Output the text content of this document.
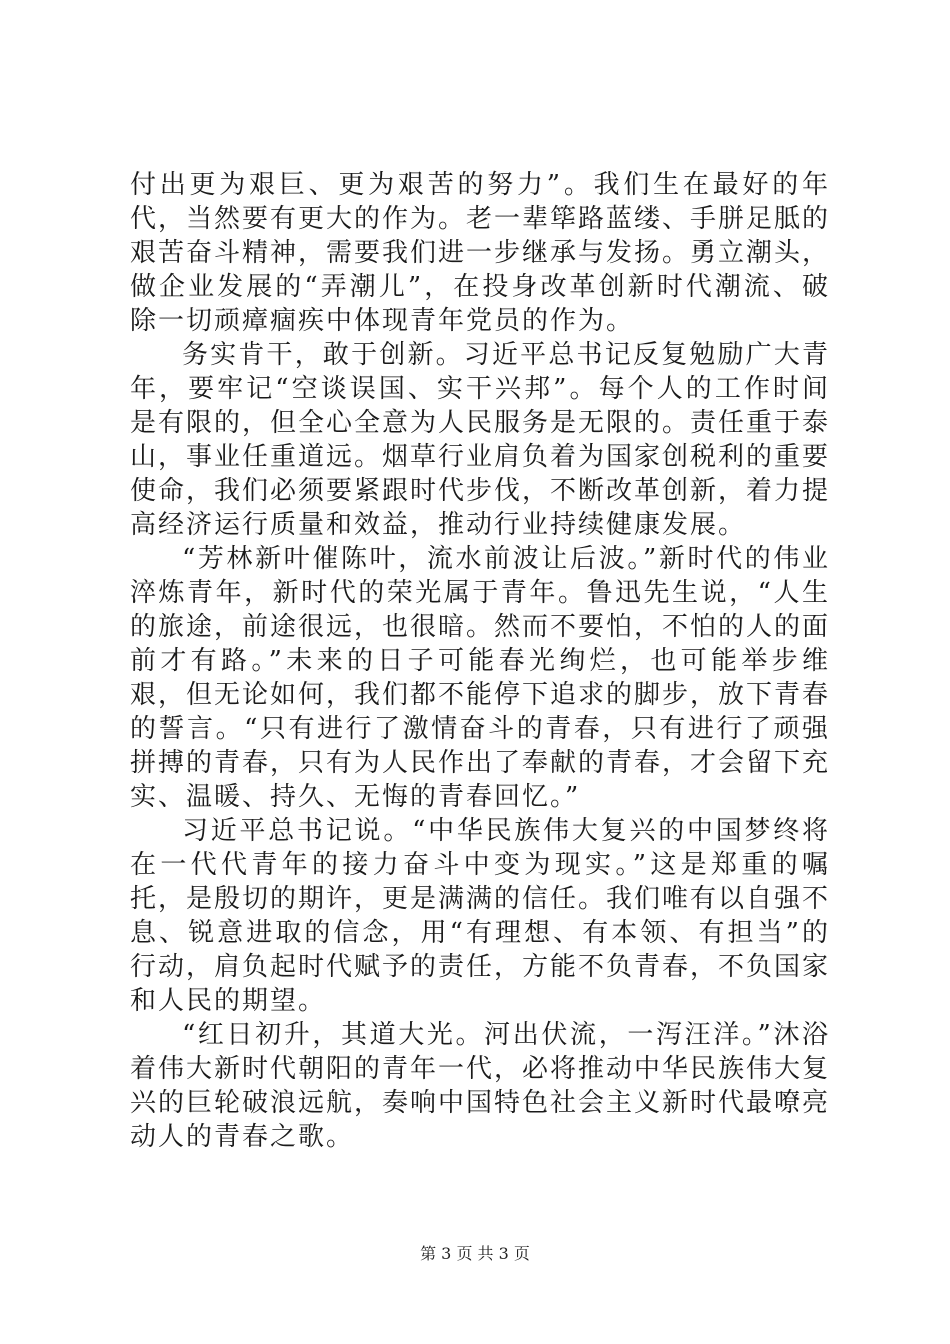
付出更为艰巨、更为艰苦的努力”。我们生在最好的年代，当然要有更大的作为。老一辈筚路蓝缕、手胼足胝的艰苦奋斗精神，需要我们进一步继承与发扬。勇立潮头，做企业发展的“弄潮儿”，在投身改革创新时代潮流、破除一切顽瘴痼疾中体现青年党员的作为。

务实肯干，敢于创新。习近平总书记反复勉励广大青年，要牢记“空谈误国、实干兴邦”。每个人的工作时间是有限的，但全心全意为人民服务是无限的。责任重于泰山，事业任重道远。烟草行业肩负着为国家创税利的重要使命，我们必须要紧跟时代步伐，不断改革创新，着力提高经济运行质量和效益，推动行业持续健康发展。

“芳林新叶催陈叶，流水前波让后波。”新时代的伟业淬炼青年，新时代的荣光属于青年。鲁迅先生说，“人生的旅途，前途很远，也很暗。然而不要怕，不怕的人的面前才有路。”未来的日子可能春光绚烂，也可能举步维艰，但无论如何，我们都不能停下追求的脚步，放下青春的誓言。“只有进行了激情奋斗的青春，只有进行了顽强拼搏的青春，只有为人民作出了奉献的青春，才会留下充实、温暖、持久、无悔的青春回忆。”

习近平总书记说。“中华民族伟大复兴的中国梦终将在一代代青年的接力奋斗中变为现实。”这是郑重的嘱托，是殷切的期许，更是满满的信任。我们唯有以自强不息、锐意进取的信念，用“有理想、有本领、有担当”的行动，肩负起时代赋予的责任，方能不负青春，不负国家和人民的期望。

“红日初升，其道大光。河出伏流，一泻汪洋。”沐浴着伟大新时代朝阳的青年一代，必将推动中华民族伟大复兴的巨轮破浪远航，奏响中国特色社会主义新时代最嘹亮动人的青春之歌。

第 3 页 共 3 页
